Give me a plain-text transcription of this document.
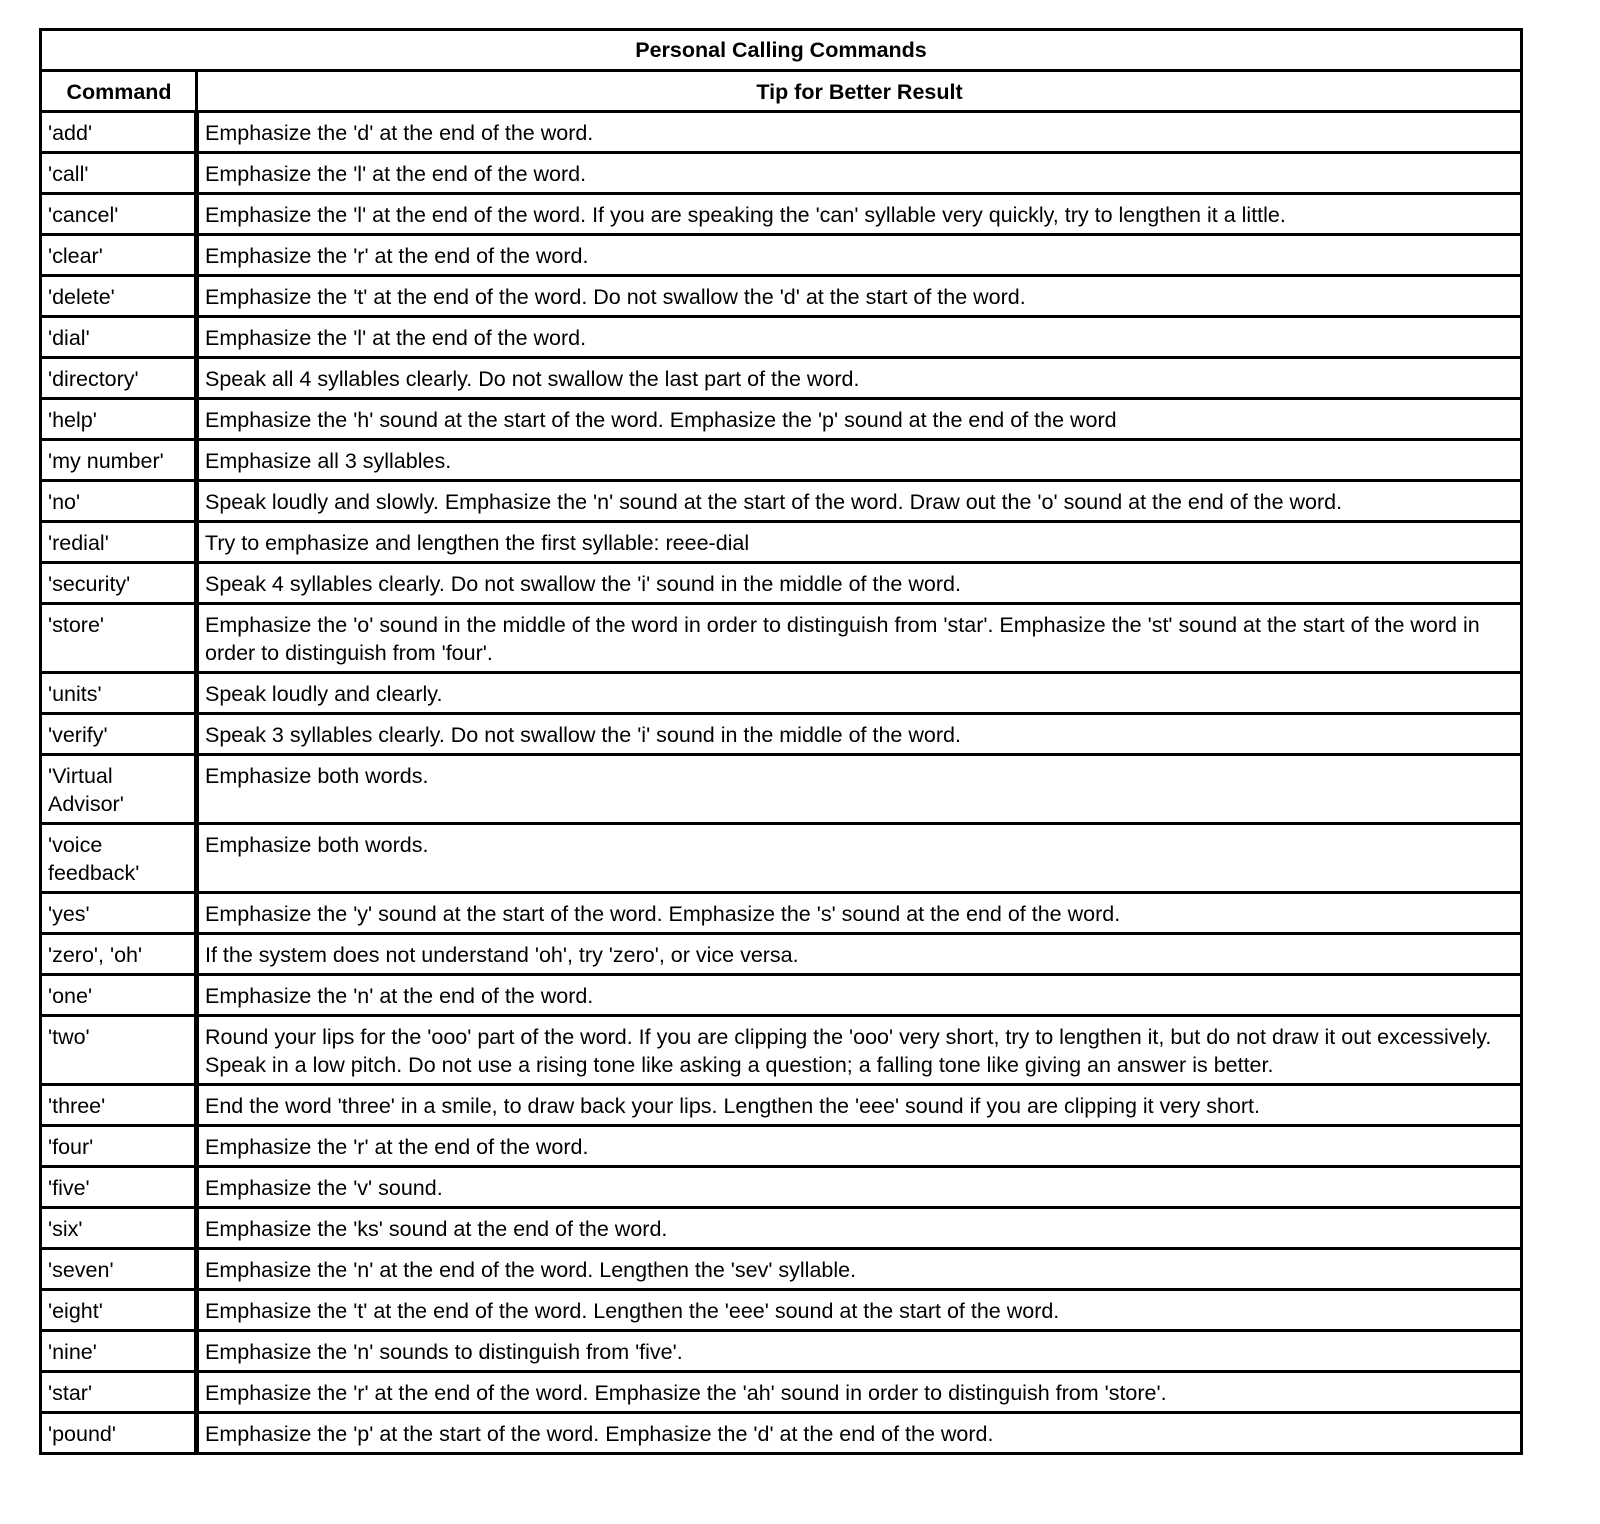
Personal Calling Commands	
Command	Tip for Better Result
'add'	Emphasize the 'd' at the end of the word.
'call'	Emphasize the 'l' at the end of the word.
'cancel'	Emphasize the 'l' at the end of the word. If you are speaking the 'can' syllable very quickly, try to lengthen it a little.
'clear'	Emphasize the 'r' at the end of the word.
'delete'	Emphasize the 't' at the end of the word. Do not swallow the 'd' at the start of the word.
'dial'	Emphasize the 'l' at the end of the word.
'directory'	Speak all 4 syllables clearly. Do not swallow the last part of the word.
'help'	Emphasize the 'h' sound at the start of the word. Emphasize the 'p' sound at the end of the word
'my number'	Emphasize all 3 syllables.
'no'	Speak loudly and slowly. Emphasize the 'n' sound at the start of the word. Draw out the 'o' sound at the end of the word.
'redial'	Try to emphasize and lengthen the first syllable: reee-dial
'security'	Speak 4 syllables clearly. Do not swallow the 'i' sound in the middle of the word.
'store'	Emphasize the 'o' sound in the middle of the word in order to distinguish from 'star'. Emphasize the 'st' sound at the start of the word in order to distinguish from 'four'.
'units'	Speak loudly and clearly.
'verify'	Speak 3 syllables clearly. Do not swallow the 'i' sound in the middle of the word.
'Virtual Advisor'	Emphasize both words.
'voice feedback'	Emphasize both words.
'yes'	Emphasize the 'y' sound at the start of the word. Emphasize the 's' sound at the end of the word.
'zero', 'oh'	If the system does not understand 'oh', try 'zero', or vice versa.
'one'	Emphasize the 'n' at the end of the word.
'two'	Round your lips for the 'ooo' part of the word. If you are clipping the 'ooo' very short, try to lengthen it, but do not draw it out excessively. Speak in a low pitch. Do not use a rising tone like asking a question; a falling tone like giving an answer is better.
'three'	End the word 'three' in a smile, to draw back your lips. Lengthen the 'eee' sound if you are clipping it very short.
'four'	Emphasize the 'r' at the end of the word.
'five'	Emphasize the 'v' sound.
'six'	Emphasize the 'ks' sound at the end of the word.
'seven'	Emphasize the 'n' at the end of the word. Lengthen the 'sev' syllable.
'eight'	Emphasize the 't' at the end of the word. Lengthen the 'eee' sound at the start of the word.
'nine'	Emphasize the 'n' sounds to distinguish from 'five'.
'star'	Emphasize the 'r' at the end of the word. Emphasize the 'ah' sound in order to distinguish from 'store'.
'pound'	Emphasize the 'p' at the start of the word. Emphasize the 'd' at the end of the word.
